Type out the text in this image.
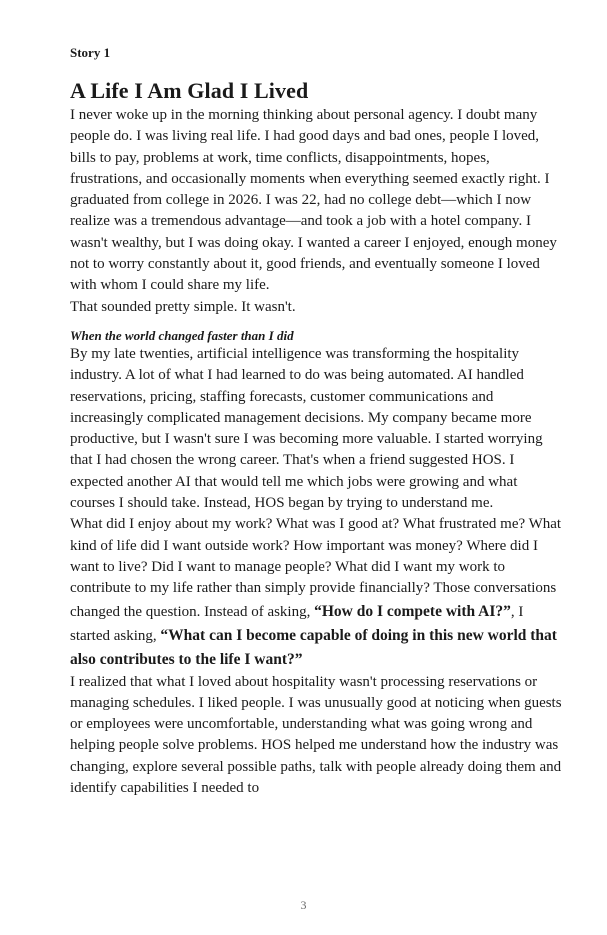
Story 1

A Life I Am Glad I Lived

I never woke up in the morning thinking about personal agency. I doubt many people do. I was living real life. I had good days and bad ones, people I loved, bills to pay, problems at work, time conflicts, disappointments, hopes, frustrations, and occasionally moments when everything seemed exactly right. I graduated from college in 2026. I was 22, had no college debt—which I now realize was a tremendous advantage—and took a job with a hotel company. I wasn't wealthy, but I was doing okay. I wanted a career I enjoyed, enough money not to worry constantly about it, good friends, and eventually someone I loved with whom I could share my life.

That sounded pretty simple. It wasn't.

When the world changed faster than I did

By my late twenties, artificial intelligence was transforming the hospitality industry. A lot of what I had learned to do was being automated. AI handled reservations, pricing, staffing forecasts, customer communications and increasingly complicated management decisions. My company became more productive, but I wasn't sure I was becoming more valuable. I started worrying that I had chosen the wrong career. That's when a friend suggested HOS. I expected another AI that would tell me which jobs were growing and what courses I should take. Instead, HOS began by trying to understand me.

What did I enjoy about my work? What was I good at? What frustrated me? What kind of life did I want outside work? How important was money? Where did I want to live? Did I want to manage people? What did I want my work to contribute to my life rather than simply provide financially? Those conversations changed the question. Instead of asking, “How do I compete with AI?”, I started asking, “What can I become capable of doing in this new world that also contributes to the life I want?”

I realized that what I loved about hospitality wasn't processing reservations or managing schedules. I liked people. I was unusually good at noticing when guests or employees were uncomfortable, understanding what was going wrong and helping people solve problems. HOS helped me understand how the industry was changing, explore several possible paths, talk with people already doing them and identify capabilities I needed to

3
